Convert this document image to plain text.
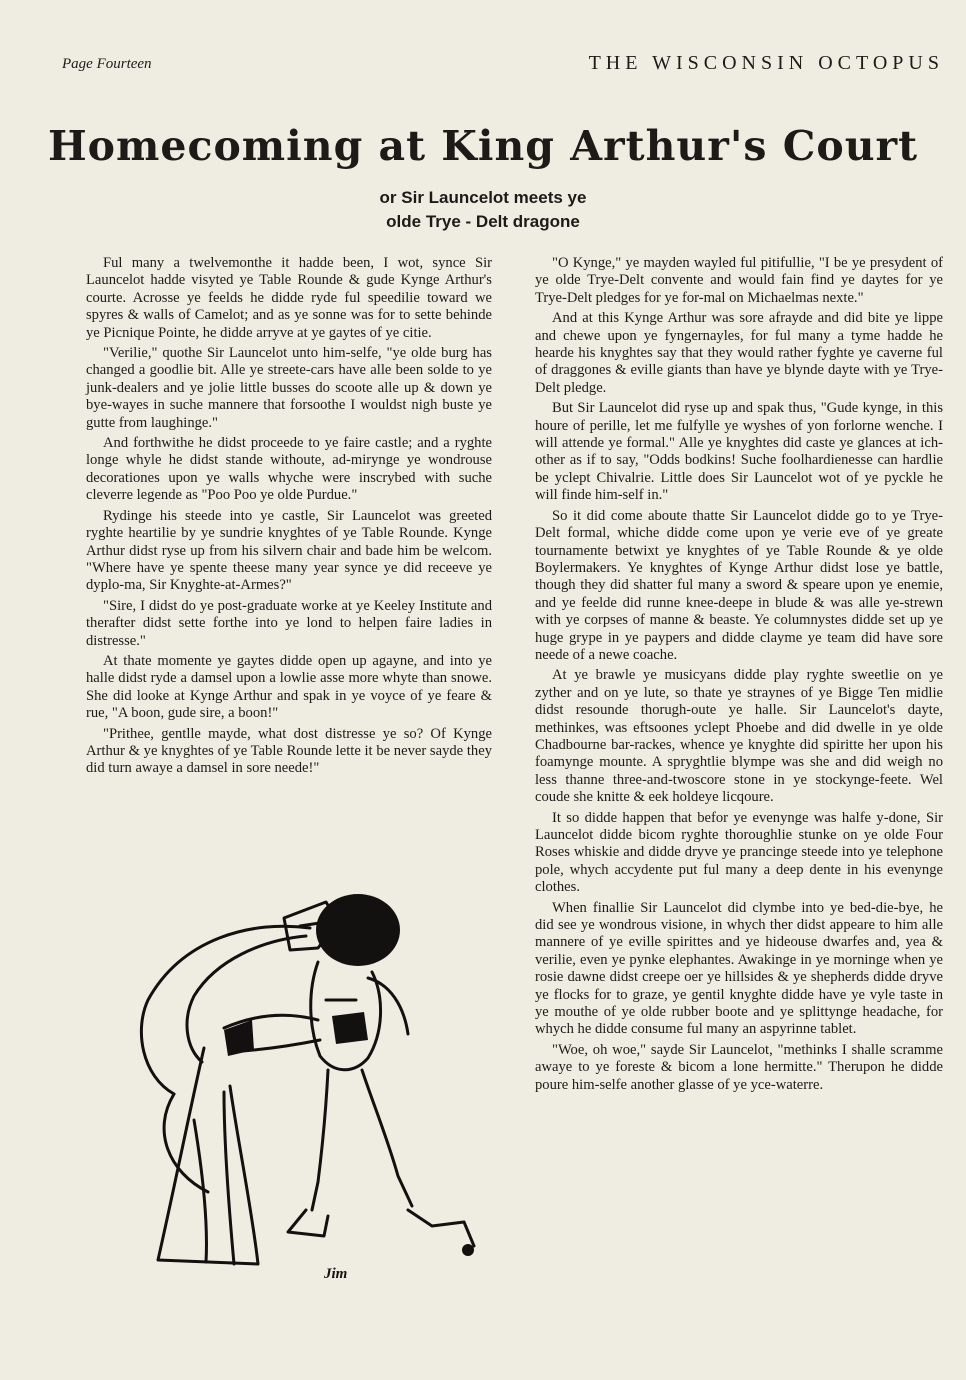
Page Fourteen	THE WISCONSIN OCTOPUS
Homecoming at King Arthur's Court
or Sir Launcelot meets ye
olde Trye - Delt dragone

Ful many a twelvemonthe it hadde been, I wot, synce Sir Launcelot hadde visyted ye Table Rounde & gude Kynge Arthur's courte. Acrosse ye feelds he didde ryde ful speedilie toward we spyres & walls of Camelot; and as ye sonne was for to sette behinde ye Picnique Pointe, he didde arryve at ye gaytes of ye citie.

"Verilie," quothe Sir Launcelot unto him-selfe, "ye olde burg has changed a goodlie bit. Alle ye streete-cars have alle been solde to ye junk-dealers and ye jolie little busses do scoote alle up & down ye bye-wayes in suche mannere that forsoothe I wouldst nigh buste ye gutte from laughinge."

And forthwithe he didst proceede to ye faire castle; and a ryghte longe whyle he didst stande withoute, ad-mirynge ye wondrouse decorationes upon ye walls whyche were inscrybed with suche cleverre legende as "Poo Poo ye olde Purdue."

Rydinge his steede into ye castle, Sir Launcelot was greeted ryghte heartilie by ye sundrie knyghtes of ye Table Rounde. Kynge Arthur didst ryse up from his silvern chair and bade him be welcom. "Where have ye spente theese many year synce ye did receeve ye dyplo-ma, Sir Knyghte-at-Armes?"

"Sire, I didst do ye post-graduate worke at ye Keeley Institute and therafter didst sette forthe into ye lond to helpen faire ladies in distresse."

At thate momente ye gaytes didde open up agayne, and into ye halle didst ryde a damsel upon a lowlie asse more whyte than snowe. She did looke at Kynge Arthur and spak in ye voyce of ye feare & rue, "A boon, gude sire, a boon!"

"Prithee, gentlle mayde, what dost distresse ye so? Of Kynge Arthur & ye knyghtes of ye Table Rounde lette it be never sayde they did turn awaye a damsel in sore neede!"

"O Kynge," ye mayden wayled ful pitifullie, "I be ye presydent of ye olde Trye-Delt convente and would fain find ye daytes for ye Trye-Delt pledges for ye for-mal on Michaelmas nexte."

And at this Kynge Arthur was sore afrayde and did bite ye lippe and chewe upon ye fyngernayles, for ful many a tyme hadde he hearde his knyghtes say that they would rather fyghte ye caverne ful of draggones & eville giants than have ye blynde dayte with ye Trye-Delt pledge.

But Sir Launcelot did ryse up and spak thus, "Gude kynge, in this houre of perille, let me fulfylle ye wyshes of yon forlorne wenche. I will attende ye formal." Alle ye knyghtes did caste ye glances at ich-other as if to say, "Odds bodkins! Suche foolhardienesse can hardlie be yclept Chivalrie. Little does Sir Launcelot wot of ye pyckle he will finde him-self in."

So it did come aboute thatte Sir Launcelot didde go to ye Trye-Delt formal, whiche didde come upon ye verie eve of ye greate tournamente betwixt ye knyghtes of ye Table Rounde & ye olde Boylermakers. Ye knyghtes of Kynge Arthur didst lose ye battle, though they did shatter ful many a sword & speare upon ye enemie, and ye feelde did runne knee-deepe in blude & was alle ye-strewn with ye corpses of manne & beaste. Ye columnystes didde set up ye huge grype in ye paypers and didde clayme ye team did have sore neede of a newe coache.

At ye brawle ye musicyans didde play ryghte sweetlie on ye zyther and on ye lute, so thate ye straynes of ye Bigge Ten midlie didst resounde thorugh-oute ye halle. Sir Launcelot's dayte, methinkes, was eftsoones yclept Phoebe and did dwelle in ye olde Chadbourne bar-rackes, whence ye knyghte did spiritte her upon his foamynge mounte. A spryghtlie blympe was she and did weigh no less thanne three-and-twoscore stone in ye stockynge-feete. Wel coude she knitte & eek holdeye licqoure.

It so didde happen that befor ye evenynge was halfe y-done, Sir Launcelot didde bicom ryghte thoroughlie stunke on ye olde Four Roses whiskie and didde dryve ye prancinge steede into ye telephone pole, whych accydente put ful many a deep dente in his evenynge clothes.

When finallie Sir Launcelot did clymbe into ye bed-die-bye, he did see ye wondrous visione, in whych ther didst appeare to him alle mannere of ye eville spirittes and ye hideouse dwarfes and, yea & verilie, even ye pynke elephantes. Awakinge in ye morninge when ye rosie dawne didst creepe oer ye hillsides & ye shepherds didde dryve ye flocks for to graze, ye gentil knyghte didde have ye vyle taste in ye mouthe of ye olde rubber boote and ye splittynge headache, for whych he didde consume ful many an aspyrinne tablet.

"Woe, oh woe," sayde Sir Launcelot, "methinks I shalle scramme awaye to ye foreste & bicom a lone hermitte." Therupon he didde poure him-selfe another glasse of ye yce-waterre.

Jim
